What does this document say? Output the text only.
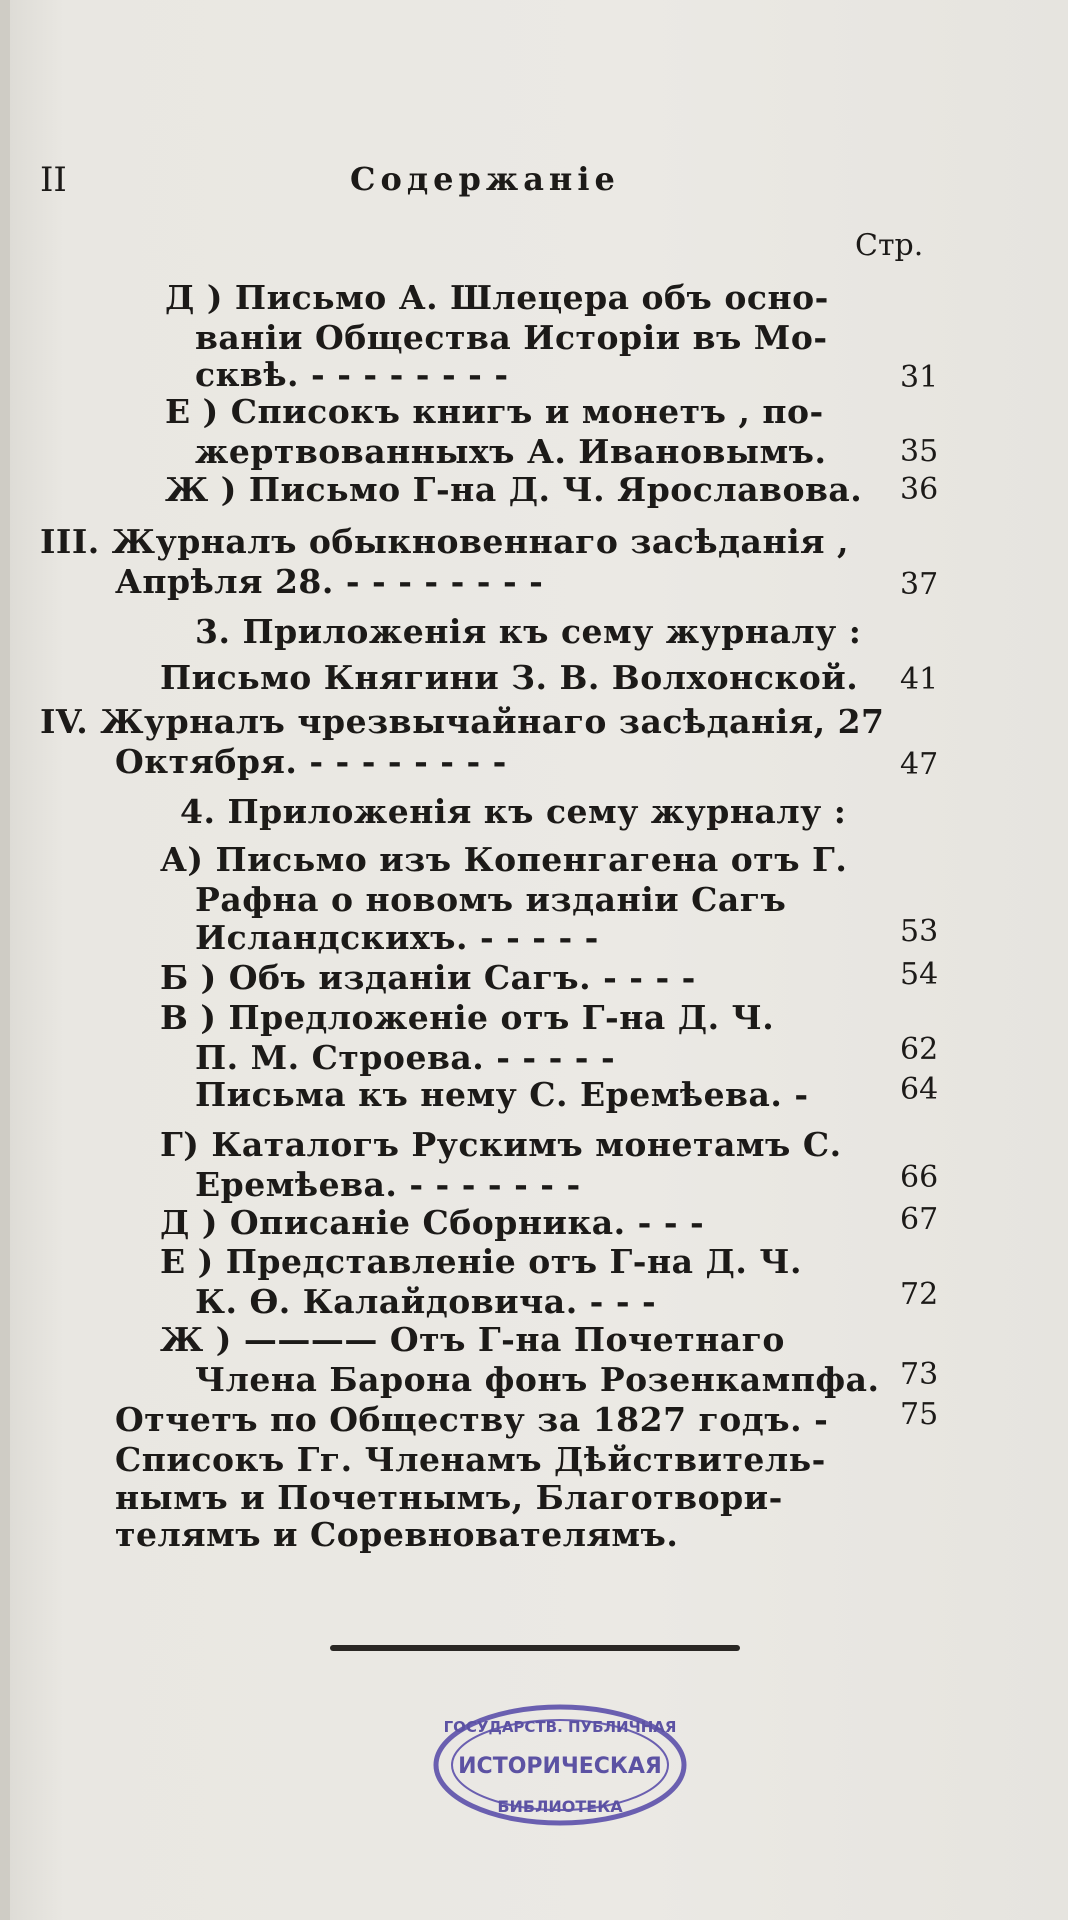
II	Содержаніе
Стр.
Д ) Письмо А. Шлецера объ осно-
ваніи Общества Исторіи въ Мо-
сквѣ. - - - - - - - -	31
Е ) Списокъ книгъ и монетъ , по-
жертвованныхъ А. Ивановымъ. 35
Ж ) Письмо Г-на Д. Ч. Ярославова. 36
III. Журналъ обыкновеннаго засѣданія ,
Апрѣля 28. - - - - - - - -	37
3. Приложенія къ сему журналу :
Письмо Княгини З. В. Волхонской. 41
IV. Журналъ чрезвычайнаго засѣданія, 27
Октября. - - - - - - - -	47
4. Приложенія къ сему журналу :
А) Письмо изъ Копенгагена отъ Г.
Рафна о новомъ изданіи Сагъ
Исландскихъ. - - - - -	53
Б ) Объ изданіи Сагъ. - - - -	54
В ) Предложеніе отъ Г-на Д. Ч.
П. М. Строева. - - - - -	62
Письма къ нему С. Еремѣева. -	64
Г) Каталогъ Рускимъ монетамъ С.
Еремѣева. - - - - - - -	66
Д ) Описаніе Сборника. - - -	67
Е ) Представленіе отъ Г-на Д. Ч.
К. Ѳ. Калайдовича. - - -	72
Ж ) ———— Отъ Г-на Почетнаго
Члена Барона фонъ Розенкампфа. 73
Отчетъ по Обществу за 1827 годъ. - 75
Списокъ Гг. Членамъ Дѣйствитель-
нымъ и Почетнымъ, Благотвори-
телямъ и Соревнователямъ.
ГОСУДАРСТВ. ПУБЛИЧНАЯ
ИСТОРИЧЕСКАЯ
БИБЛИОТЕКА
